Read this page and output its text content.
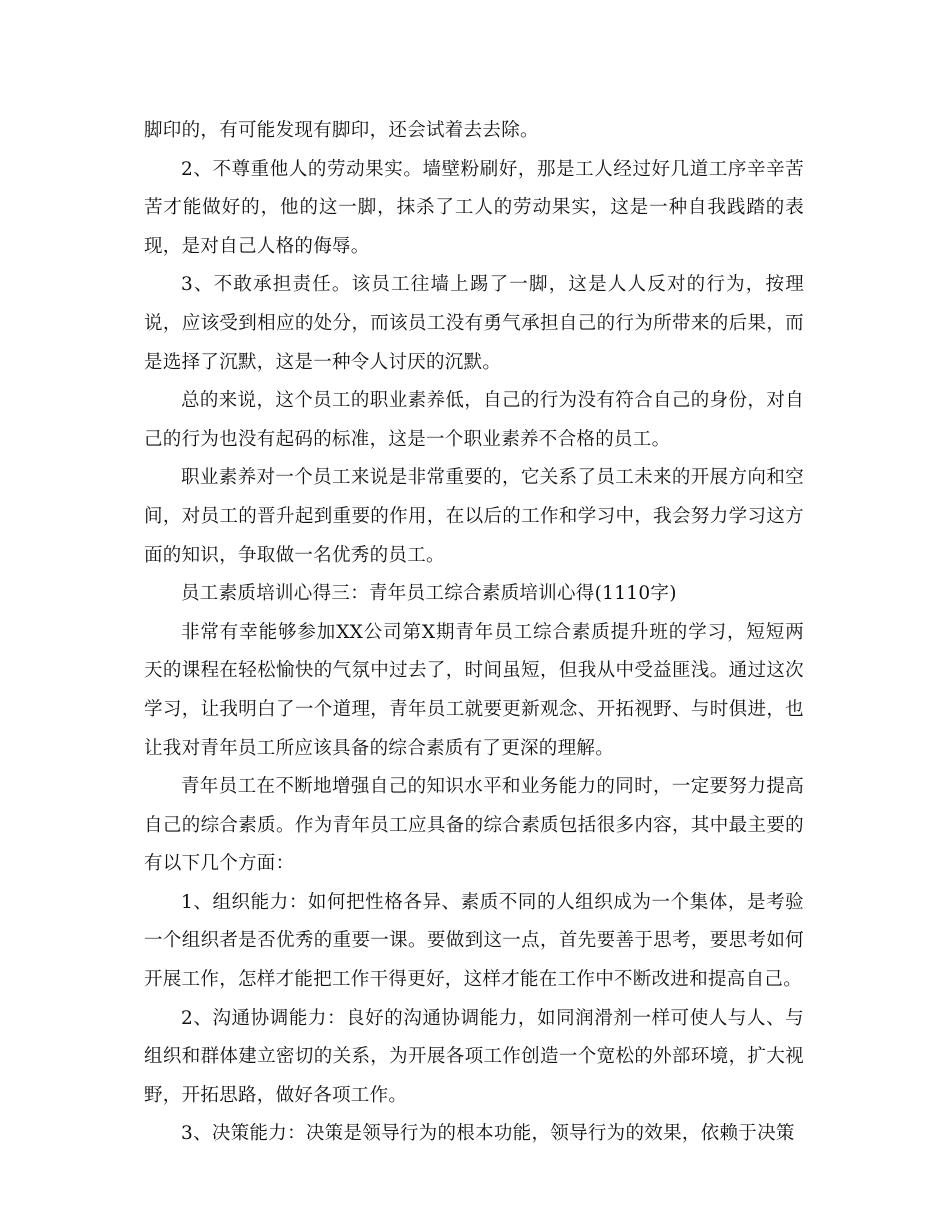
脚印的，有可能发现有脚印，还会试着去去除。

2、不尊重他人的劳动果实。墙壁粉刷好，那是工人经过好几道工序辛辛苦苦才能做好的，他的这一脚，抹杀了工人的劳动果实，这是一种自我践踏的表现，是对自己人格的侮辱。

3、不敢承担责任。该员工往墙上踢了一脚，这是人人反对的行为，按理说，应该受到相应的处分，而该员工没有勇气承担自己的行为所带来的后果，而是选择了沉默，这是一种令人讨厌的沉默。

总的来说，这个员工的职业素养低，自己的行为没有符合自己的身份，对自己的行为也没有起码的标准，这是一个职业素养不合格的员工。

职业素养对一个员工来说是非常重要的，它关系了员工未来的开展方向和空间，对员工的晋升起到重要的作用，在以后的工作和学习中，我会努力学习这方面的知识，争取做一名优秀的员工。

员工素质培训心得三：青年员工综合素质培训心得(1110字)

非常有幸能够参加XX公司第X期青年员工综合素质提升班的学习，短短两天的课程在轻松愉快的气氛中过去了，时间虽短，但我从中受益匪浅。通过这次学习，让我明白了一个道理，青年员工就要更新观念、开拓视野、与时俱进，也让我对青年员工所应该具备的综合素质有了更深的理解。

青年员工在不断地增强自己的知识水平和业务能力的同时，一定要努力提高自己的综合素质。作为青年员工应具备的综合素质包括很多内容，其中最主要的有以下几个方面：

1、组织能力：如何把性格各异、素质不同的人组织成为一个集体，是考验一个组织者是否优秀的重要一课。要做到这一点，首先要善于思考，要思考如何开展工作，怎样才能把工作干得更好，这样才能在工作中不断改进和提高自己。

2、沟通协调能力：良好的沟通协调能力，如同润滑剂一样可使人与人、与组织和群体建立密切的关系，为开展各项工作创造一个宽松的外部环境，扩大视野，开拓思路，做好各项工作。

3、决策能力：决策是领导行为的根本功能，领导行为的效果，依赖于决策
